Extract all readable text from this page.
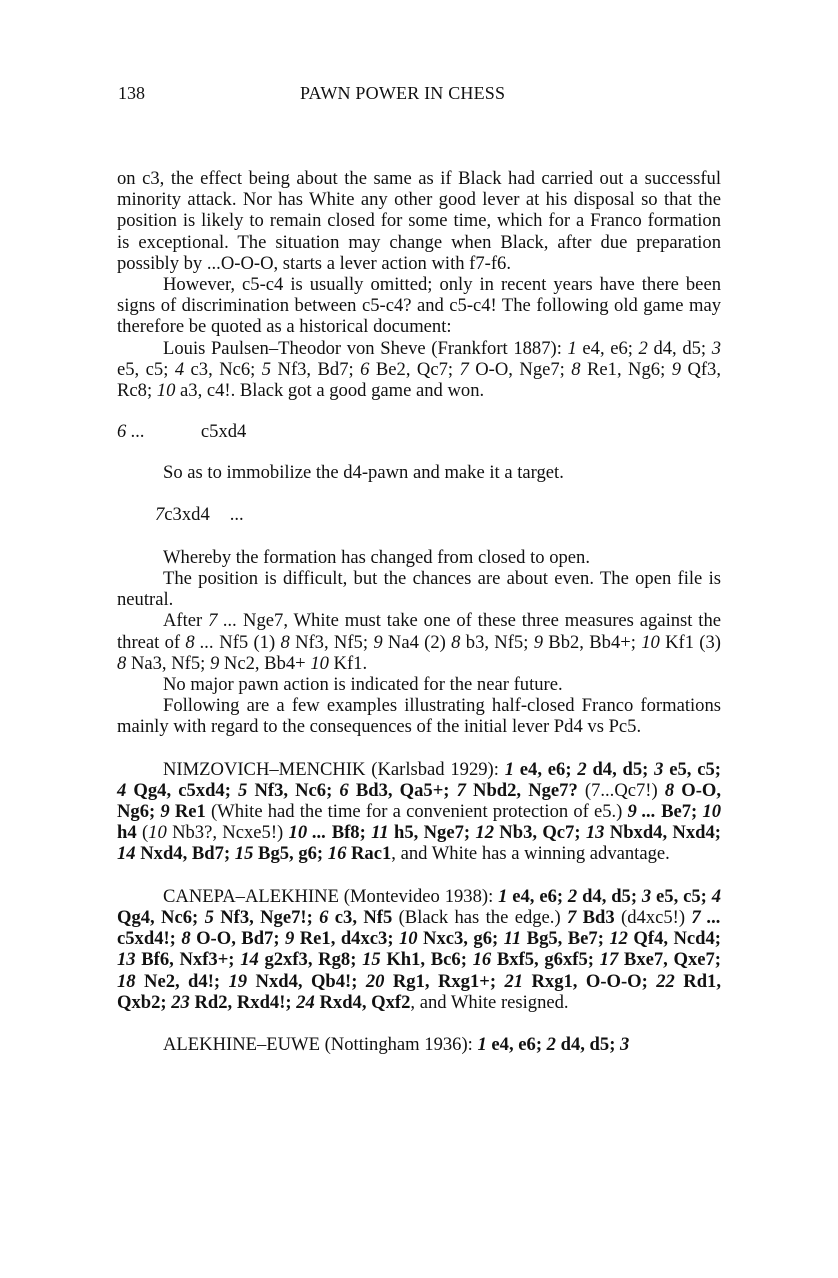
138	PAWN POWER IN CHESS

on c3, the effect being about the same as if Black had carried out a successful minority attack. Nor has White any other good lever at his disposal so that the position is likely to remain closed for some time, which for a Franco formation is exceptional. The situation may change when Black, after due preparation possibly by ...O-O-O, starts a lever action with f7-f6.

However, c5-c4 is usually omitted; only in recent years have there been signs of discrimination between c5-c4? and c5-c4! The following old game may therefore be quoted as a historical document:

Louis Paulsen–Theodor von Sheve (Frankfort 1887): 1 e4, e6; 2 d4, d5; 3 e5, c5; 4 c3, Nc6; 5 Nf3, Bd7; 6 Be2, Qc7; 7 O-O, Nge7; 8 Re1, Ng6; 9 Qf3, Rc8; 10 a3, c4!. Black got a good game and won.

6 ...	c5xd4

So as to immobilize the d4-pawn and make it a target.

7c3xd4 ...

Whereby the formation has changed from closed to open.

The position is difficult, but the chances are about even. The open file is neutral.

After 7 ... Nge7, White must take one of these three measures against the threat of 8 ... Nf5 (1) 8 Nf3, Nf5; 9 Na4 (2) 8 b3, Nf5; 9 Bb2, Bb4+; 10 Kf1 (3) 8 Na3, Nf5; 9 Nc2, Bb4+ 10 Kf1.

No major pawn action is indicated for the near future.

Following are a few examples illustrating half-closed Franco formations mainly with regard to the consequences of the initial lever Pd4 vs Pc5.

NIMZOVICH–MENCHIK (Karlsbad 1929): 1 e4, e6; 2 d4, d5; 3 e5, c5; 4 Qg4, c5xd4; 5 Nf3, Nc6; 6 Bd3, Qa5+; 7 Nbd2, Nge7? (7...Qc7!) 8 O-O, Ng6; 9 Re1 (White had the time for a convenient protection of e5.) 9 ... Be7; 10 h4 (10 Nb3?, Ncxe5!) 10 ... Bf8; 11 h5, Nge7; 12 Nb3, Qc7; 13 Nbxd4, Nxd4; 14 Nxd4, Bd7; 15 Bg5, g6; 16 Rac1, and White has a winning advantage.

CANEPA–ALEKHINE (Montevideo 1938): 1 e4, e6; 2 d4, d5; 3 e5, c5; 4 Qg4, Nc6; 5 Nf3, Nge7!; 6 c3, Nf5 (Black has the edge.) 7 Bd3 (d4xc5!) 7 ... c5xd4!; 8 O-O, Bd7; 9 Re1, d4xc3; 10 Nxc3, g6; 11 Bg5, Be7; 12 Qf4, Ncd4; 13 Bf6, Nxf3+; 14 g2xf3, Rg8; 15 Kh1, Bc6; 16 Bxf5, g6xf5; 17 Bxe7, Qxe7; 18 Ne2, d4!; 19 Nxd4, Qb4!; 20 Rg1, Rxg1+; 21 Rxg1, O-O-O; 22 Rd1, Qxb2; 23 Rd2, Rxd4!; 24 Rxd4, Qxf2, and White resigned.

ALEKHINE–EUWE (Nottingham 1936): 1 e4, e6; 2 d4, d5; 3
